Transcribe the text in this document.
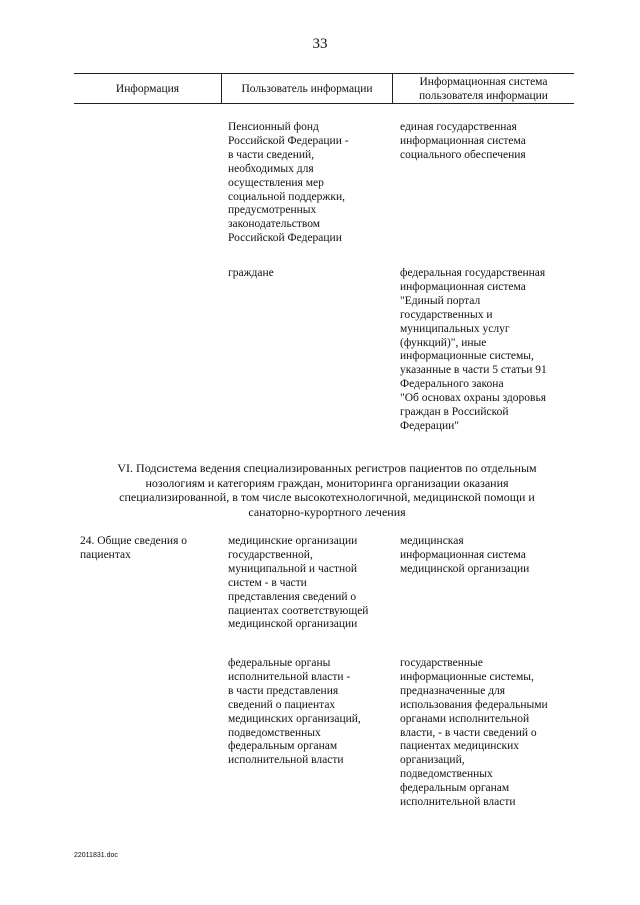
33
Информация	Пользователь информации
Информационная система
пользователя информации
Пенсионный фонд
Российской Федерации -
в части сведений,
необходимых для
осуществления мер
социальной поддержки,
предусмотренных
законодательством
Российской Федерации
единая государственная
информационная система
социального обеспечения
граждане	федеральная государственная
информационная система
"Единый портал
государственных и
муниципальных услуг
(функций)", иные
информационные системы,
указанные в части 5 статьи 91
Федерального закона
"Об основах охраны здоровья
граждан в Российской
Федерации"
VI. Подсистема ведения специализированных регистров пациентов по отдельным
нозологиям и категориям граждан, мониторинга организации оказания
специализированной, в том числе высокотехнологичной, медицинской помощи и
санаторно-курортного лечения
24. Общие сведения о
пациентах
медицинские организации
государственной,
муниципальной и частной
систем - в части
представления сведений о
пациентах соответствующей
медицинской организации
медицинская
информационная система
медицинской организации
федеральные органы
исполнительной власти -
в части представления
сведений о пациентах
медицинских организаций,
подведомственных
федеральным органам
исполнительной власти
государственные
информационные системы,
предназначенные для
использования федеральными
органами исполнительной
власти, - в части сведений о
пациентах медицинских
организаций,
подведомственных
федеральным органам
исполнительной власти
22011831.doc
